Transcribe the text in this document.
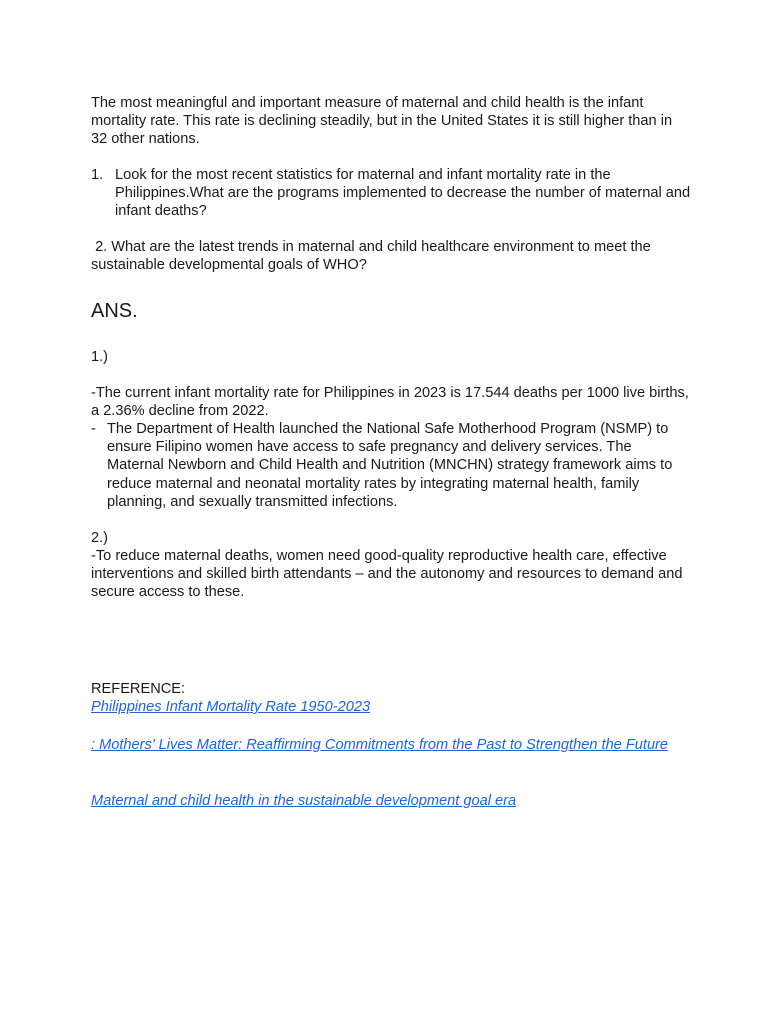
The most meaningful and important measure of maternal and child health is the infant mortality rate. This rate is declining steadily, but in the United States it is still higher than in 32 other nations.

1. Look for the most recent statistics for maternal and infant mortality rate in the Philippines.What are the programs implemented to decrease the number of maternal and infant deaths?

2. What are the latest trends in maternal and child healthcare environment to meet the sustainable developmental goals of WHO?

ANS.

1.)

-The current infant mortality rate for Philippines in 2023 is 17.544 deaths per 1000 live births, a 2.36% decline from 2022.

- The Department of Health launched the National Safe Motherhood Program (NSMP) to ensure Filipino women have access to safe pregnancy and delivery services. The Maternal Newborn and Child Health and Nutrition (MNCHN) strategy framework aims to reduce maternal and neonatal mortality rates by integrating maternal health, family planning, and sexually transmitted infections.

2.)

-To reduce maternal deaths, women need good-quality reproductive health care, effective interventions and skilled birth attendants – and the autonomy and resources to demand and secure access to these.

REFERENCE:

Philippines Infant Mortality Rate 1950-2023
: Mothers' Lives Matter: Reaffirming Commitments from the Past to Strengthen the Future
Maternal and child health in the sustainable development goal era
